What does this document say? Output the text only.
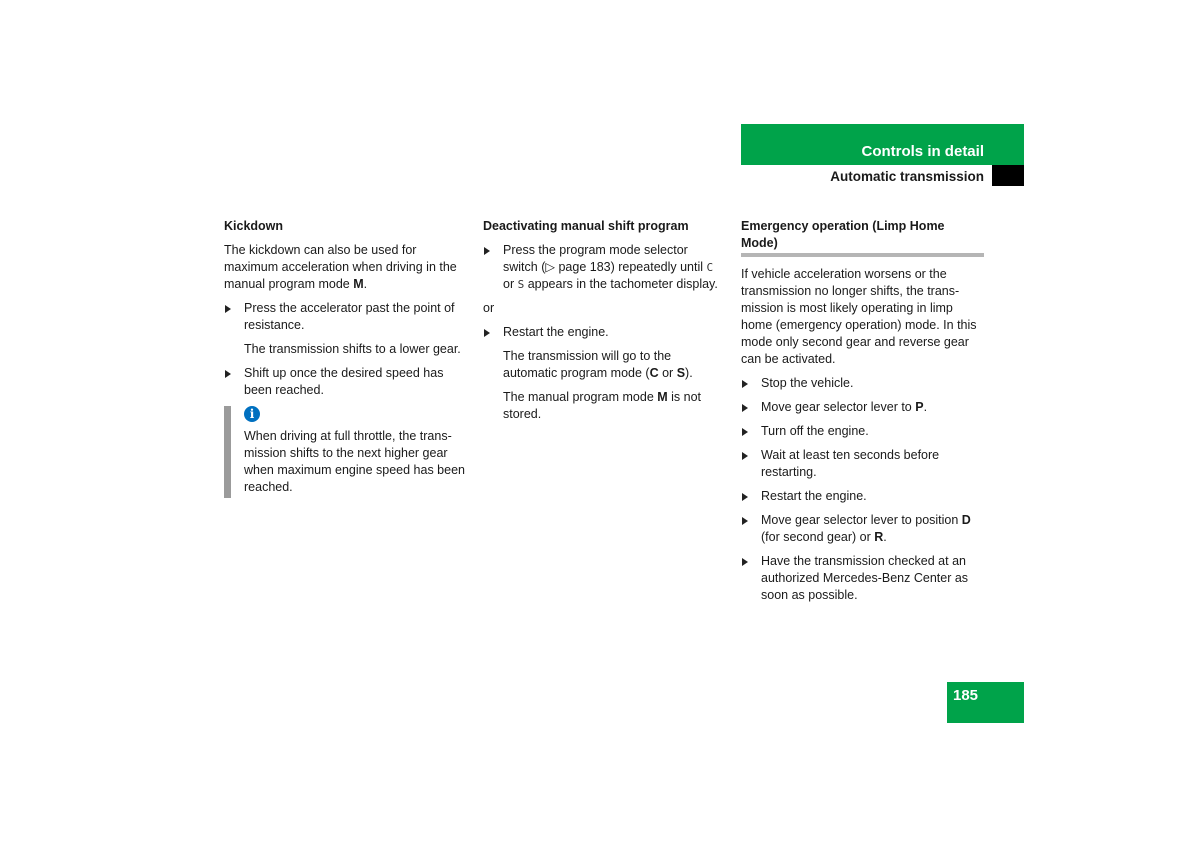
Controls in detail
Automatic transmission
Kickdown

The kickdown can also be used for maximum acceleration when driving in the manual program mode M.

Press the accelerator past the point of resistance.

The transmission shifts to a lower gear.

Shift up once the desired speed has been reached.
i
When driving at full throttle, the trans-mission shifts to the next higher gear when maximum engine speed has been reached.
Deactivating manual shift program
Press the program mode selector switch (▷ page 183) repeatedly until C or S appears in the tachometer display.

or

Restart the engine.

The transmission will go to the automatic program mode (C or S).

The manual program mode M is not stored.

Emergency operation (Limp Home Mode)

If vehicle acceleration worsens or the transmission no longer shifts, the trans-mission is most likely operating in limp home (emergency operation) mode. In this mode only second gear and reverse gear can be activated.

Stop the vehicle.
Move gear selector lever to P.
Turn off the engine.
Wait at least ten seconds before restarting.
Restart the engine.
Move gear selector lever to position D (for second gear) or R.
Have the transmission checked at an authorized Mercedes-Benz Center as soon as possible.
185
